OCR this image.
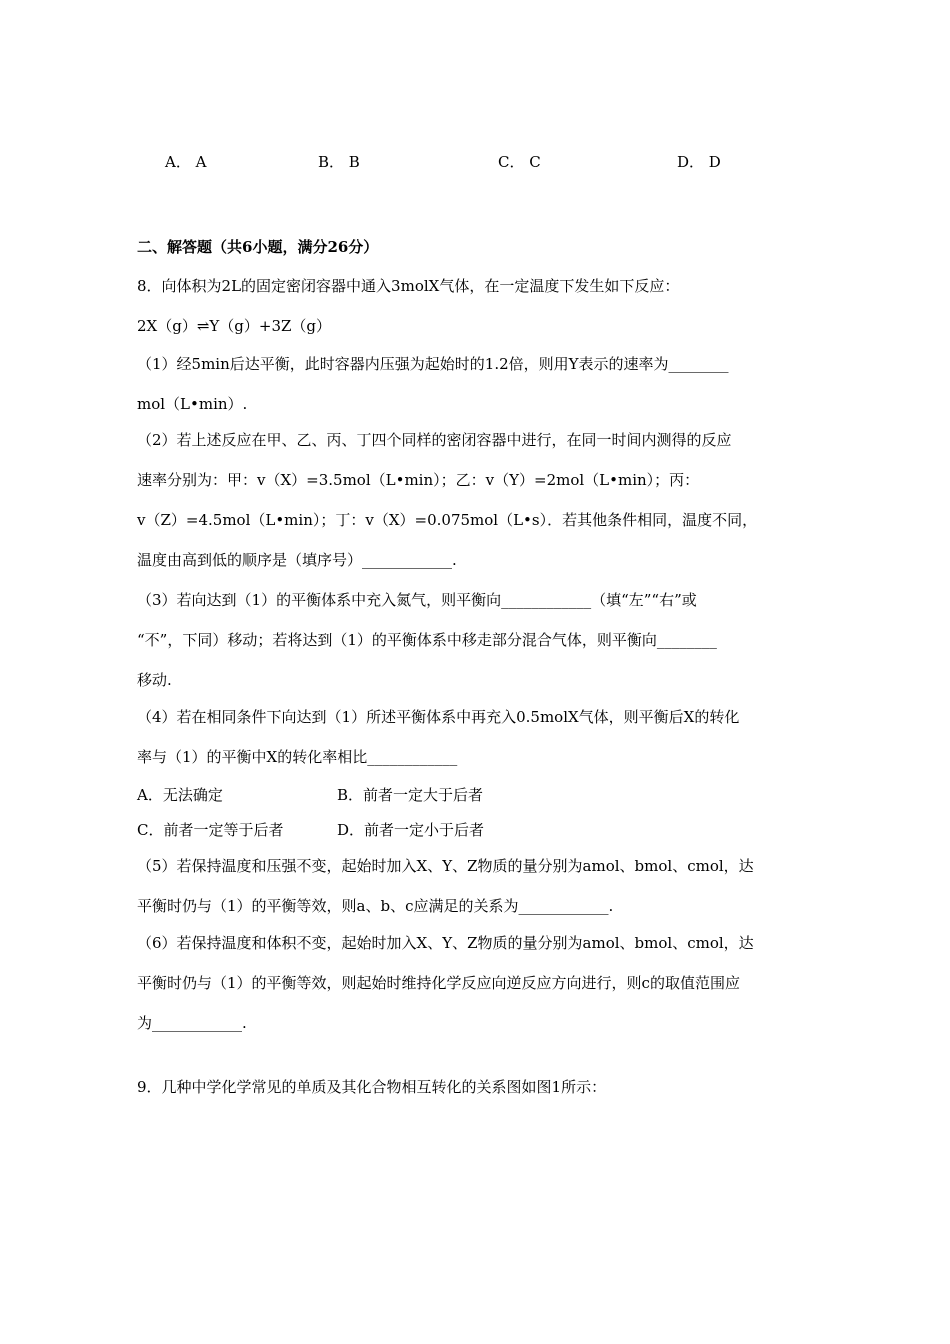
A． A	B． B	C． C	D． D
二、解答题（共6小题，满分26分）
8．向体积为2L的固定密闭容器中通入3molX气体，在一定温度下发生如下反应：
2X（g）⇌Y（g）+3Z（g）
（1）经5min后达平衡，此时容器内压强为起始时的1.2倍，则用Y表示的速率为________
mol（L•min）.
（2）若上述反应在甲、乙、丙、丁四个同样的密闭容器中进行，在同一时间内测得的反应
速率分别为：甲：v（X）=3.5mol（L•min）；乙：v（Y）=2mol（L•min）；丙：
v（Z）=4.5mol（L•min）；丁：v（X）=0.075mol（L•s）．若其他条件相同，温度不同，
温度由高到低的顺序是（填序号）____________.
（3）若向达到（1）的平衡体系中充入氮气，则平衡向____________（填“左”“右”或
“不”，下同）移动；若将达到（1）的平衡体系中移走部分混合气体，则平衡向________
移动.
（4）若在相同条件下向达到（1）所述平衡体系中再充入0.5molX气体，则平衡后X的转化
率与（1）的平衡中X的转化率相比____________
A．无法确定	B．前者一定大于后者
C．前者一定等于后者	D．前者一定小于后者
（5）若保持温度和压强不变，起始时加入X、Y、Z物质的量分别为amol、bmol、cmol，达
平衡时仍与（1）的平衡等效，则a、b、c应满足的关系为____________.
（6）若保持温度和体积不变，起始时加入X、Y、Z物质的量分别为amol、bmol、cmol，达
平衡时仍与（1）的平衡等效，则起始时维持化学反应向逆反应方向进行，则c的取值范围应
为____________.
9．几种中学化学常见的单质及其化合物相互转化的关系图如图1所示：
